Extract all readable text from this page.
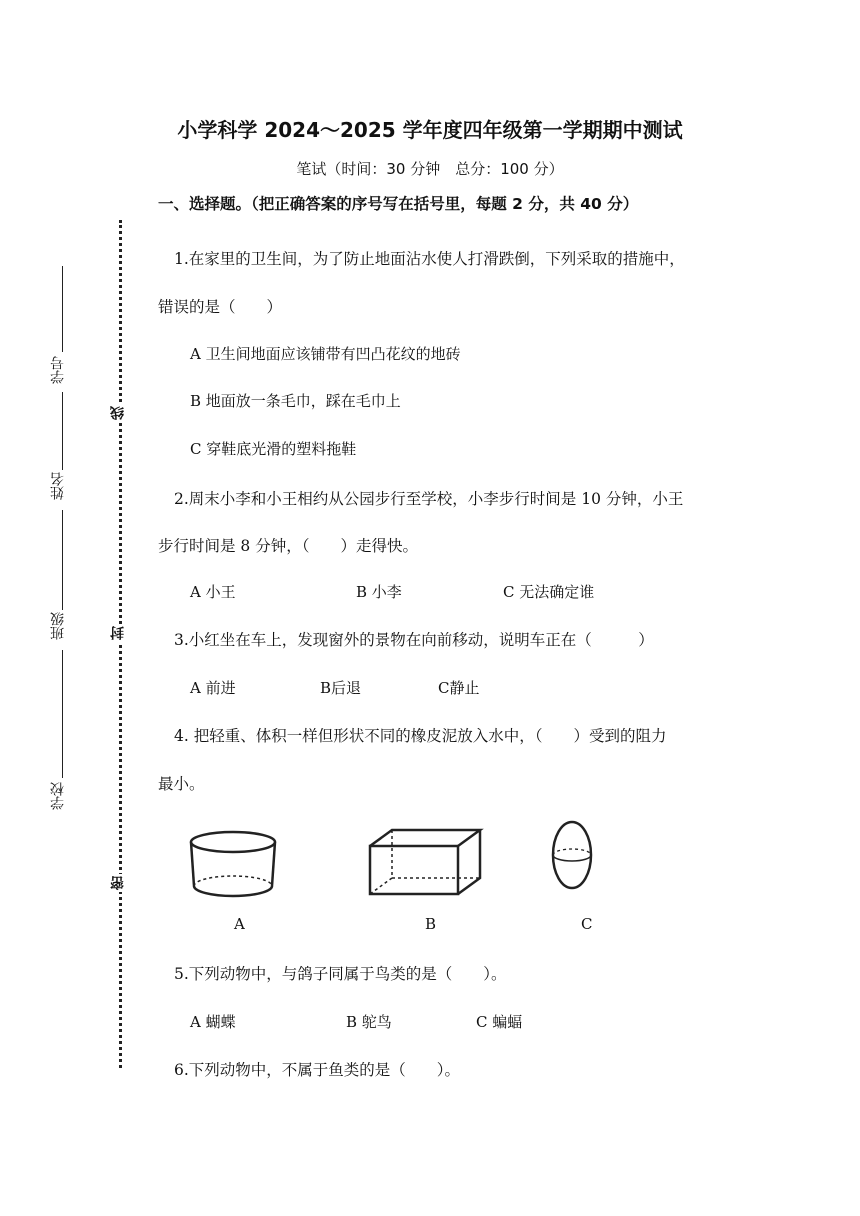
小学科学 2024～2025 学年度四年级第一学期期中测试
笔试（时间：30 分钟　总分：100 分）
一、选择题。（把正确答案的序号写在括号里，每题 2 分，共 40 分）
学号
姓名
班级
学校
线
封
密
1.在家里的卫生间，为了防止地面沾水使人打滑跌倒，下列采取的措施中，
错误的是（　　）
A 卫生间地面应该铺带有凹凸花纹的地砖
B 地面放一条毛巾，踩在毛巾上
C 穿鞋底光滑的塑料拖鞋
2.周末小李和小王相约从公园步行至学校，小李步行时间是 10 分钟，小王
步行时间是 8 分钟，（　　）走得快。
A 小王	B 小李	C 无法确定谁
3.小红坐在车上，发现窗外的景物在向前移动，说明车正在（　　　）
A 前进	B后退	C静止
4. 把轻重、体积一样但形状不同的橡皮泥放入水中，（　　）受到的阻力
最小。
A	B	C
5.下列动物中，与鸽子同属于鸟类的是（　　）。
A 蝴蝶	B 鸵鸟	C 蝙蝠
6.下列动物中，不属于鱼类的是（　　）。
